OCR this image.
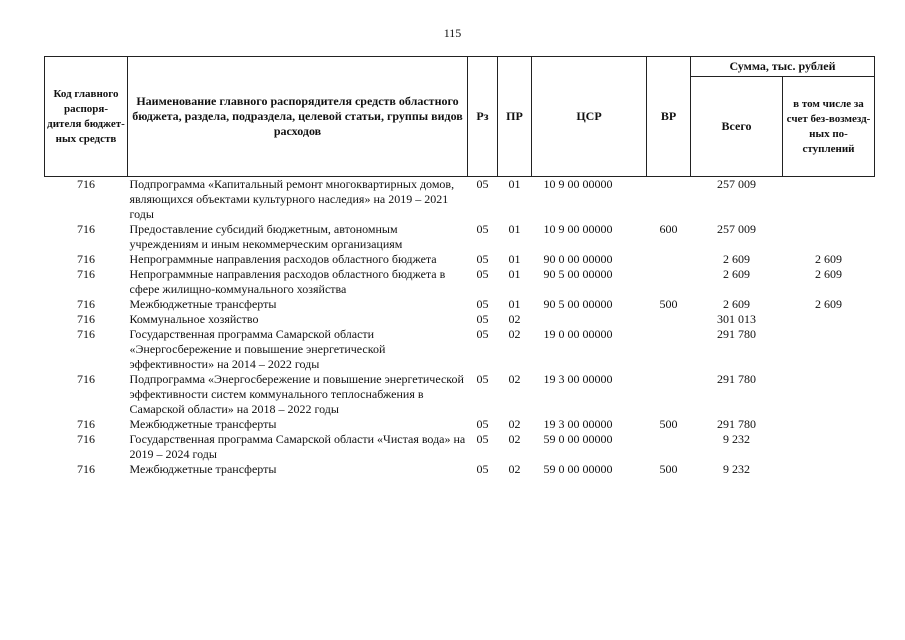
115
Код главного распоря-дителя бюджет-ных средств	Наименование главного распорядителя средств областного бюджета, раздела, подраздела, целевой статьи, группы видов расходов	Рз	ПР	ЦСР	ВР	Сумма, тыс. рублей	
						Всего	в том числе за счет без-возмезд-ных по-ступлений
716	Подпрограмма «Капитальный ремонт многоквартирных домов, являющихся объектами культурного наследия» на 2019 – 2021 годы	05	01	10 9 00 00000		257 009	
716	Предоставление субсидий бюджетным, автономным учреждениям и иным некоммерческим организациям	05	01	10 9 00 00000	600	257 009	
716	Непрограммные направления расходов областного бюджета	05	01	90 0 00 00000		2 609	2 609
716	Непрограммные направления расходов областного бюджета в сфере жилищно-коммунального хозяйства	05	01	90 5 00 00000		2 609	2 609
716	Межбюджетные трансферты	05	01	90 5 00 00000	500	2 609	2 609
716	Коммунальное хозяйство	05	02			301 013	
716	Государственная программа Самарской области «Энергосбережение и повышение энергетической эффективности» на 2014 – 2022 годы	05	02	19 0 00 00000		291 780	
716	Подпрограмма «Энергосбережение и повышение энергетической эффективности систем коммунального теплоснабжения в Самарской области» на 2018 – 2022 годы	05	02	19 3 00 00000		291 780	
716	Межбюджетные трансферты	05	02	19 3 00 00000	500	291 780	
716	Государственная программа Самарской области «Чистая вода» на 2019 – 2024 годы	05	02	59 0 00 00000		9 232	
716	Межбюджетные трансферты	05	02	59 0 00 00000	500	9 232	
